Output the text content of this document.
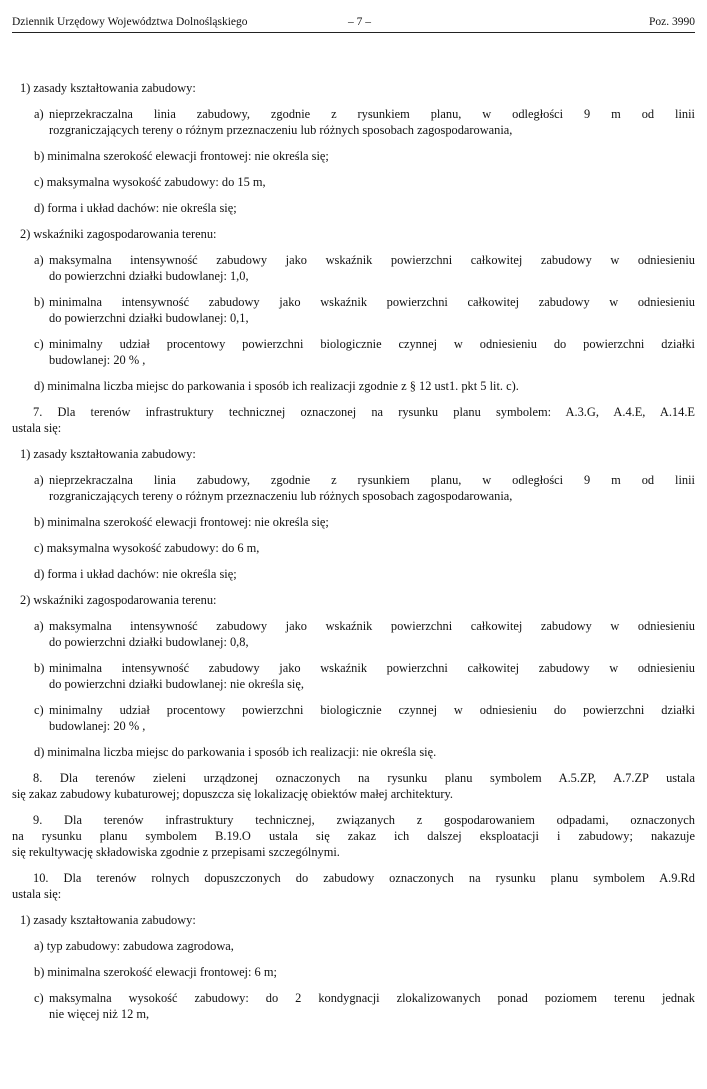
Dziennik Urzędowy Województwa Dolnośląskiego	– 7 –	Poz. 3990
1) zasady kształtowania zabudowy:
a) nieprzekraczalna linia zabudowy, zgodnie z rysunkiem planu, w odległości 9 m od linii
rozgraniczających tereny o różnym przeznaczeniu lub różnych sposobach zagospodarowania,
b) minimalna szerokość elewacji frontowej: nie określa się;
c) maksymalna wysokość zabudowy: do 15 m,
d) forma i układ dachów: nie określa się;
2) wskaźniki zagospodarowania terenu:
a) maksymalna intensywność zabudowy jako wskaźnik powierzchni całkowitej zabudowy w odniesieniu
do powierzchni działki budowlanej: 1,0,
b) minimalna intensywność zabudowy jako wskaźnik powierzchni całkowitej zabudowy w odniesieniu
do powierzchni działki budowlanej: 0,1,
c) minimalny udział procentowy powierzchni biologicznie czynnej w odniesieniu do powierzchni działki
budowlanej: 20 % ,
d) minimalna liczba miejsc do parkowania i sposób ich realizacji zgodnie z § 12 ust1. pkt 5 lit. c).
7. Dla terenów infrastruktury technicznej oznaczonej na rysunku planu symbolem: A.3.G, A.4.E, A.14.E
ustala się:
1) zasady kształtowania zabudowy:
a) nieprzekraczalna linia zabudowy, zgodnie z rysunkiem planu, w odległości 9 m od linii
rozgraniczających tereny o różnym przeznaczeniu lub różnych sposobach zagospodarowania,
b) minimalna szerokość elewacji frontowej: nie określa się;
c) maksymalna wysokość zabudowy: do 6 m,
d) forma i układ dachów: nie określa się;
2) wskaźniki zagospodarowania terenu:
a) maksymalna intensywność zabudowy jako wskaźnik powierzchni całkowitej zabudowy w odniesieniu
do powierzchni działki budowlanej: 0,8,
b) minimalna intensywność zabudowy jako wskaźnik powierzchni całkowitej zabudowy w odniesieniu
do powierzchni działki budowlanej: nie określa się,
c) minimalny udział procentowy powierzchni biologicznie czynnej w odniesieniu do powierzchni działki
budowlanej: 20 % ,
d) minimalna liczba miejsc do parkowania i sposób ich realizacji: nie określa się.
8. Dla terenów zieleni urządzonej oznaczonych na rysunku planu symbolem A.5.ZP, A.7.ZP ustala
się zakaz zabudowy kubaturowej; dopuszcza się lokalizację obiektów małej architektury.
9. Dla terenów infrastruktury technicznej, związanych z gospodarowaniem odpadami, oznaczonych
na rysunku planu symbolem B.19.O ustala się zakaz ich dalszej eksploatacji i zabudowy; nakazuje
się rekultywację składowiska zgodnie z przepisami szczególnymi.
10. Dla terenów rolnych dopuszczonych do zabudowy oznaczonych na rysunku planu symbolem A.9.Rd
ustala się:
1) zasady kształtowania zabudowy:
a) typ zabudowy: zabudowa zagrodowa,
b) minimalna szerokość elewacji frontowej: 6 m;
c) maksymalna wysokość zabudowy: do 2 kondygnacji zlokalizowanych ponad poziomem terenu jednak
nie więcej niż 12 m,
